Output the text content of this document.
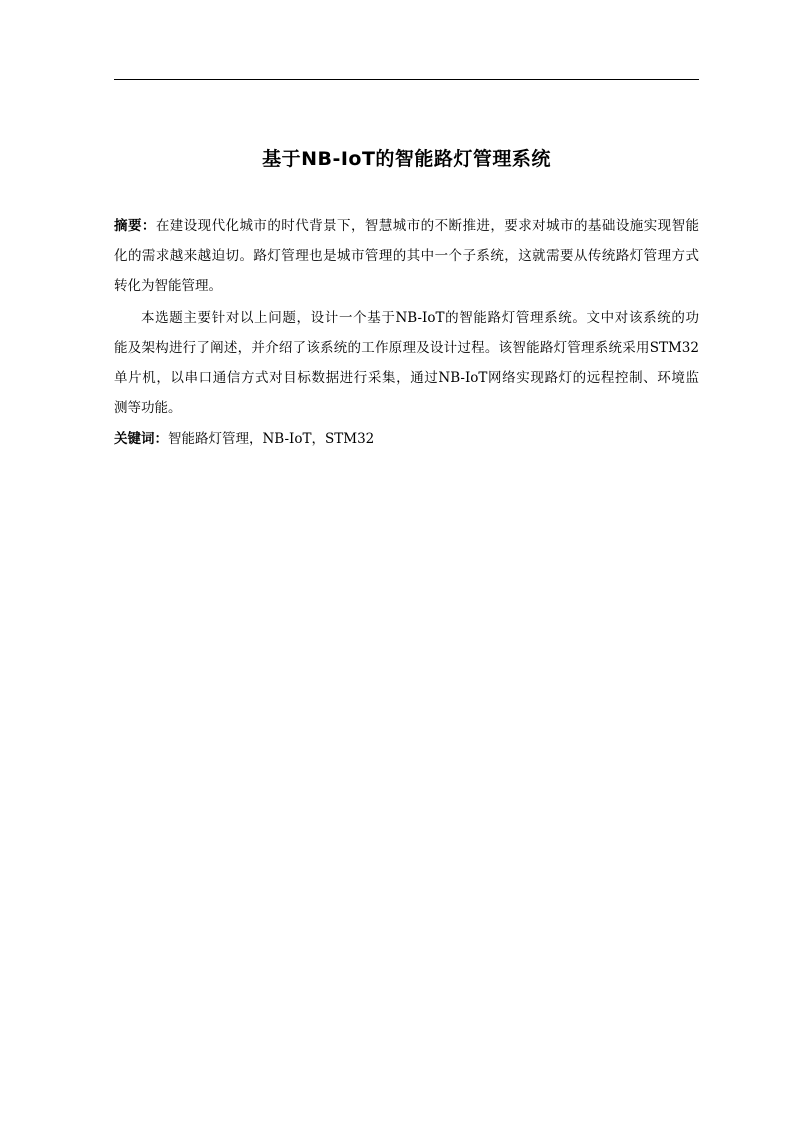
基于NB-IoT的智能路灯管理系统
摘要：在建设现代化城市的时代背景下，智慧城市的不断推进，要求对城市的基础设施实现智能
化的需求越来越迫切。路灯管理也是城市管理的其中一个子系统，这就需要从传统路灯管理方式
转化为智能管理。
本选题主要针对以上问题，设计一个基于NB-IoT的智能路灯管理系统。文中对该系统的功
能及架构进行了阐述，并介绍了该系统的工作原理及设计过程。该智能路灯管理系统采用STM32
单片机，以串口通信方式对目标数据进行采集，通过NB-IoT网络实现路灯的远程控制、环境监
测等功能。
关键词：智能路灯管理，NB-IoT，STM32
